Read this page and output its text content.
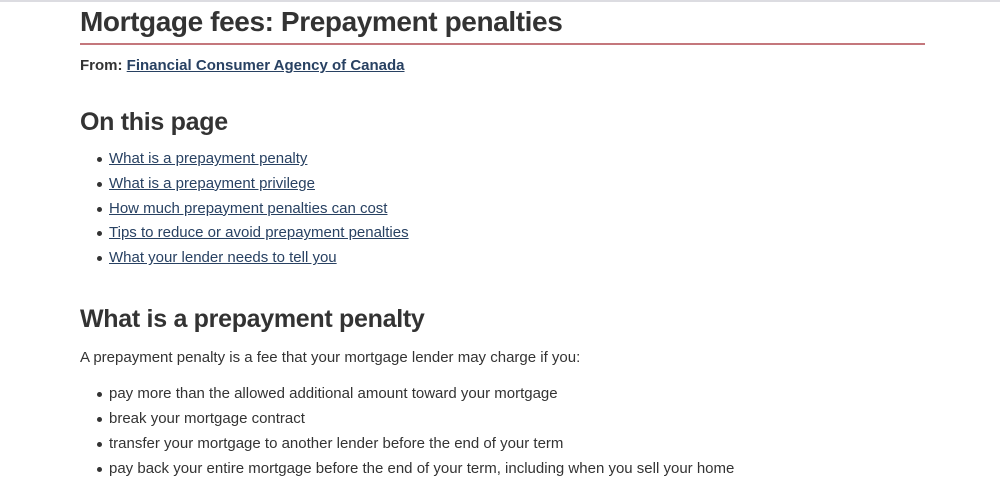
Mortgage fees: Prepayment penalties
From: Financial Consumer Agency of Canada
On this page
What is a prepayment penalty
What is a prepayment privilege
How much prepayment penalties can cost
Tips to reduce or avoid prepayment penalties
What your lender needs to tell you
What is a prepayment penalty

A prepayment penalty is a fee that your mortgage lender may charge if you:

pay more than the allowed additional amount toward your mortgage
break your mortgage contract
transfer your mortgage to another lender before the end of your term
pay back your entire mortgage before the end of your term, including when you sell your home
